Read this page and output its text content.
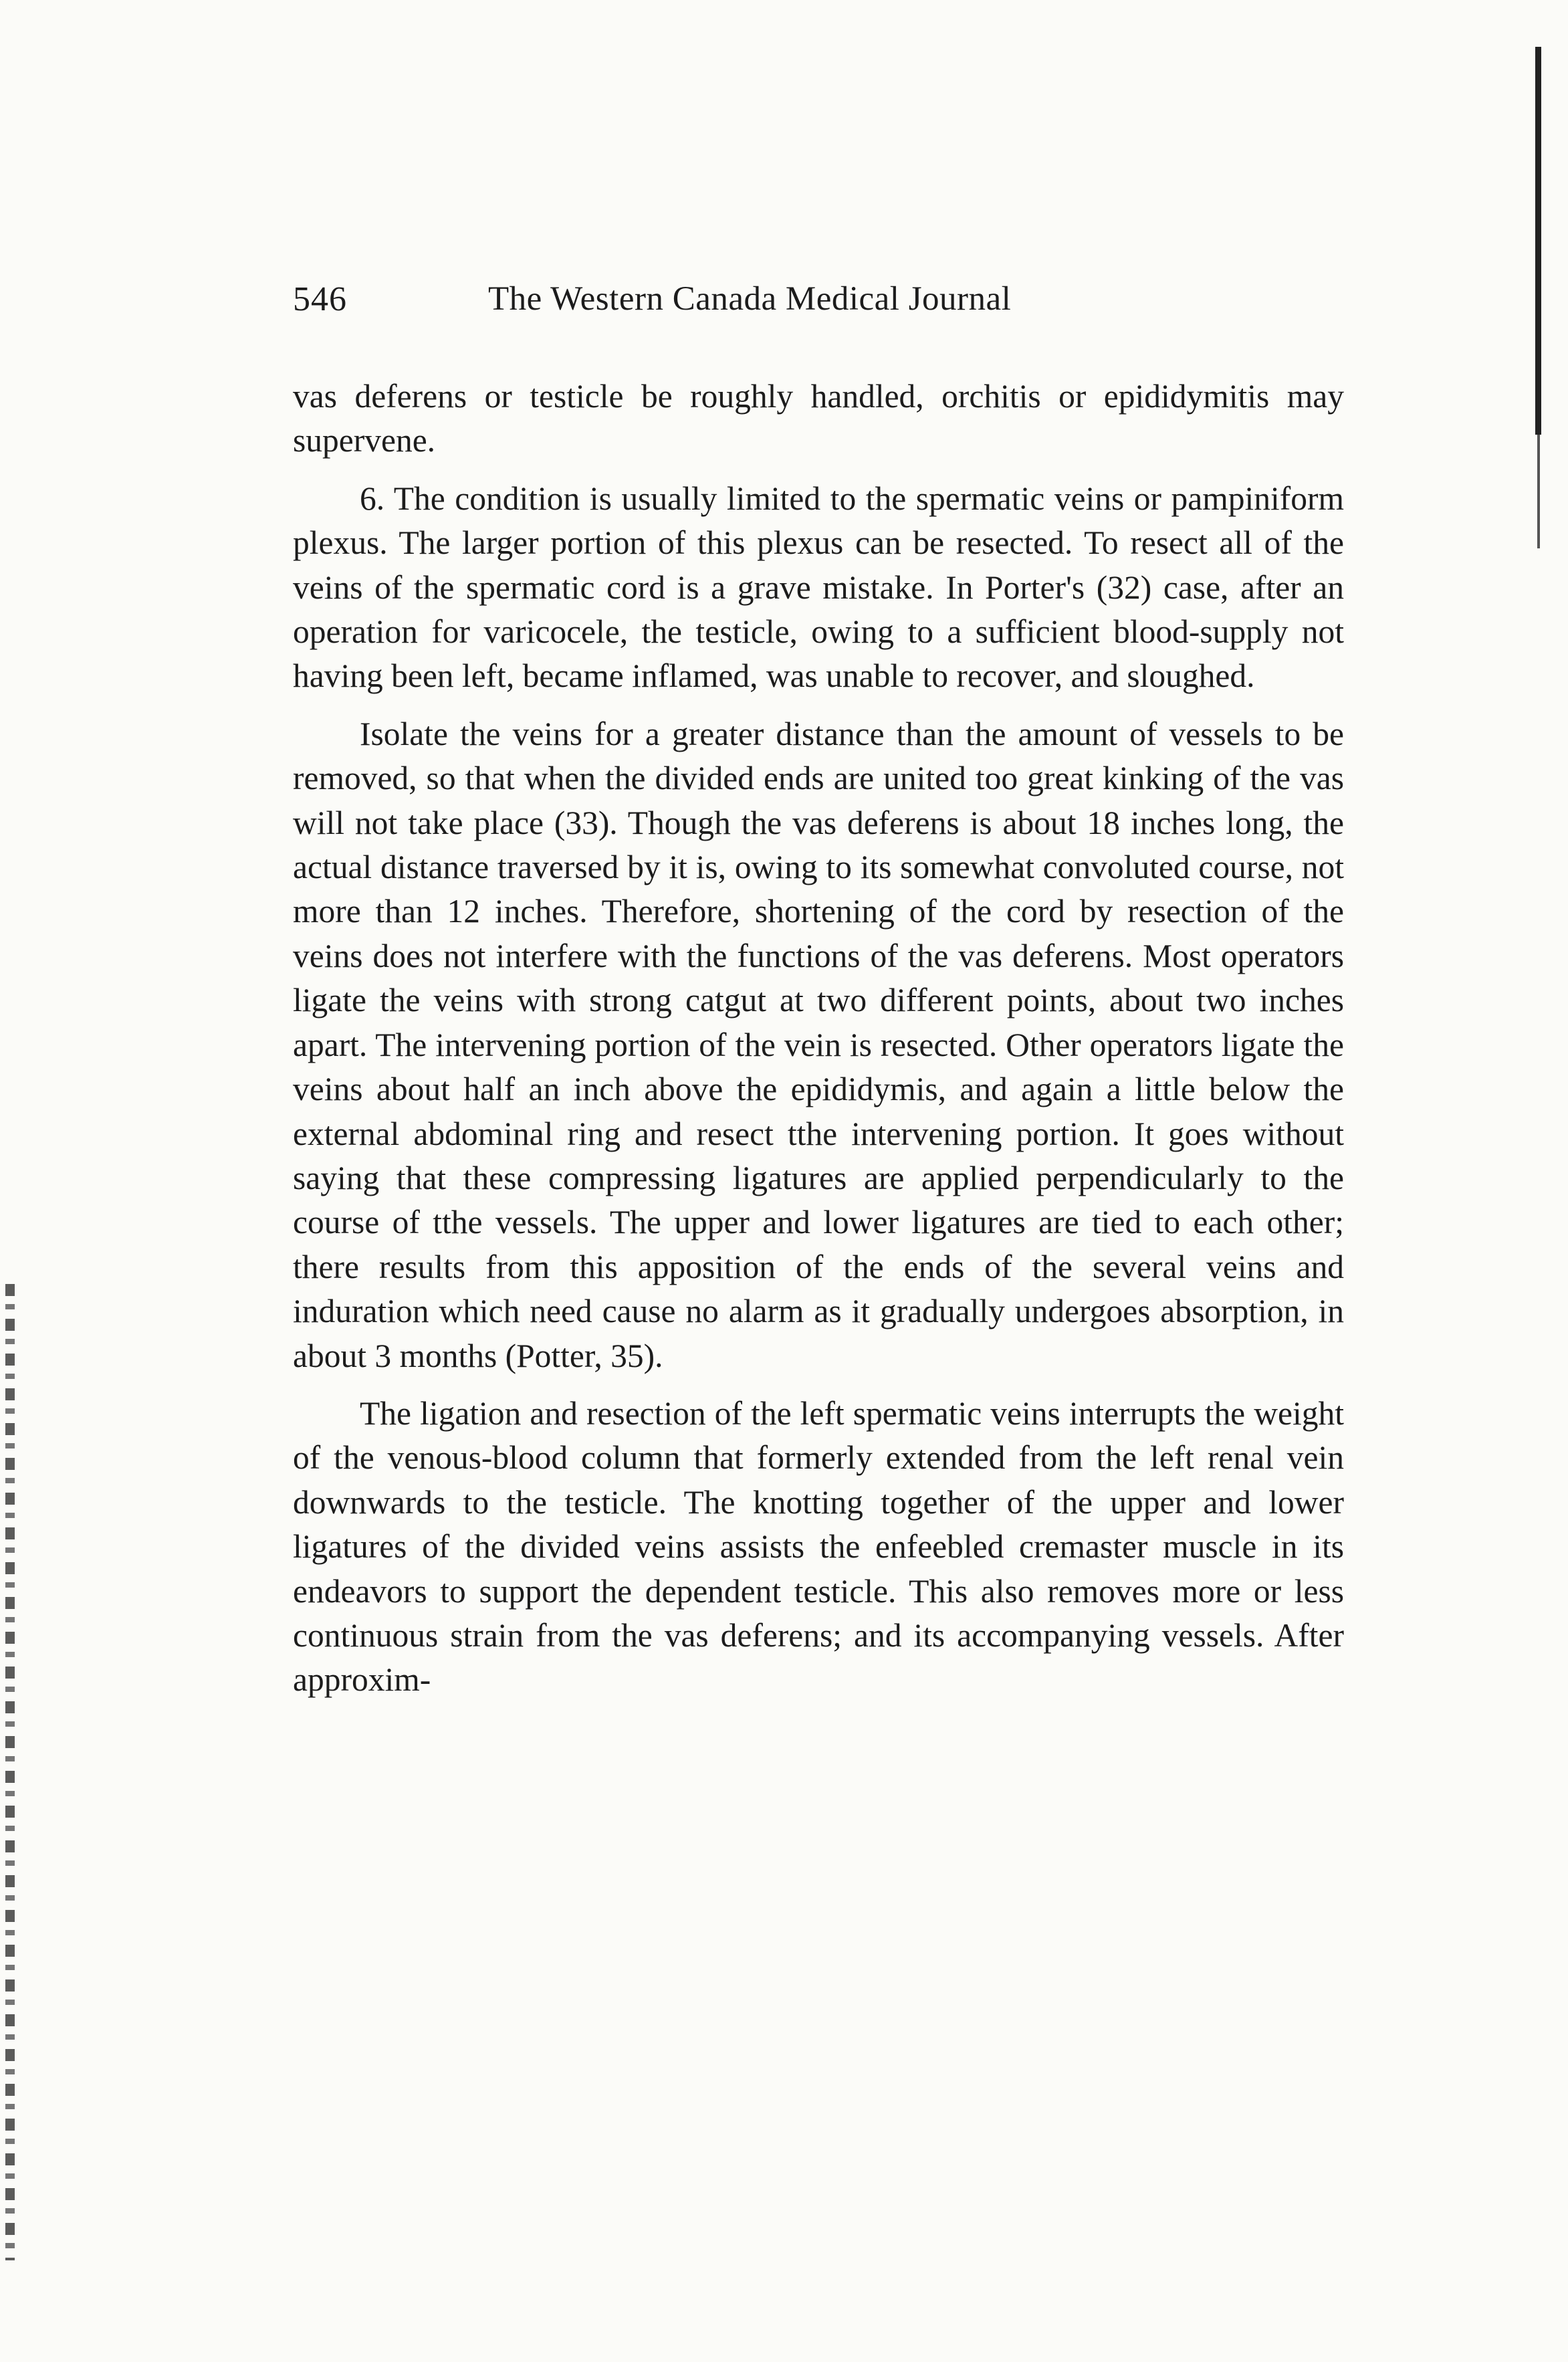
546	The Western Canada Medical Journal

vas deferens or testicle be roughly handled, orchitis or epididymitis may supervene.

6. The condition is usually limited to the spermatic veins or pampiniform plexus. The larger portion of this plexus can be resected. To resect all of the veins of the spermatic cord is a grave mistake. In Porter's (32) case, after an operation for varicocele, the testicle, owing to a sufficient blood-supply not having been left, became inflamed, was unable to recover, and sloughed.

Isolate the veins for a greater distance than the amount of vessels to be removed, so that when the divided ends are united too great kinking of the vas will not take place (33). Though the vas deferens is about 18 inches long, the actual distance traversed by it is, owing to its somewhat convoluted course, not more than 12 inches. Therefore, shortening of the cord by resection of the veins does not interfere with the functions of the vas deferens. Most operators ligate the veins with strong catgut at two different points, about two inches apart. The intervening portion of the vein is resected. Other operators ligate the veins about half an inch above the epididymis, and again a little below the external abdominal ring and resect tthe intervening portion. It goes without saying that these compressing ligatures are applied perpendicularly to the course of tthe vessels. The upper and lower ligatures are tied to each other; there results from this apposition of the ends of the several veins and induration which need cause no alarm as it gradually undergoes absorption, in about 3 months (Potter, 35).

The ligation and resection of the left spermatic veins interrupts the weight of the venous-blood column that formerly extended from the left renal vein downwards to the testicle. The knotting together of the upper and lower ligatures of the divided veins assists the enfeebled cremaster muscle in its endeavors to support the dependent testicle. This also removes more or less continuous strain from the vas deferens; and its accompanying vessels. After approxim-
